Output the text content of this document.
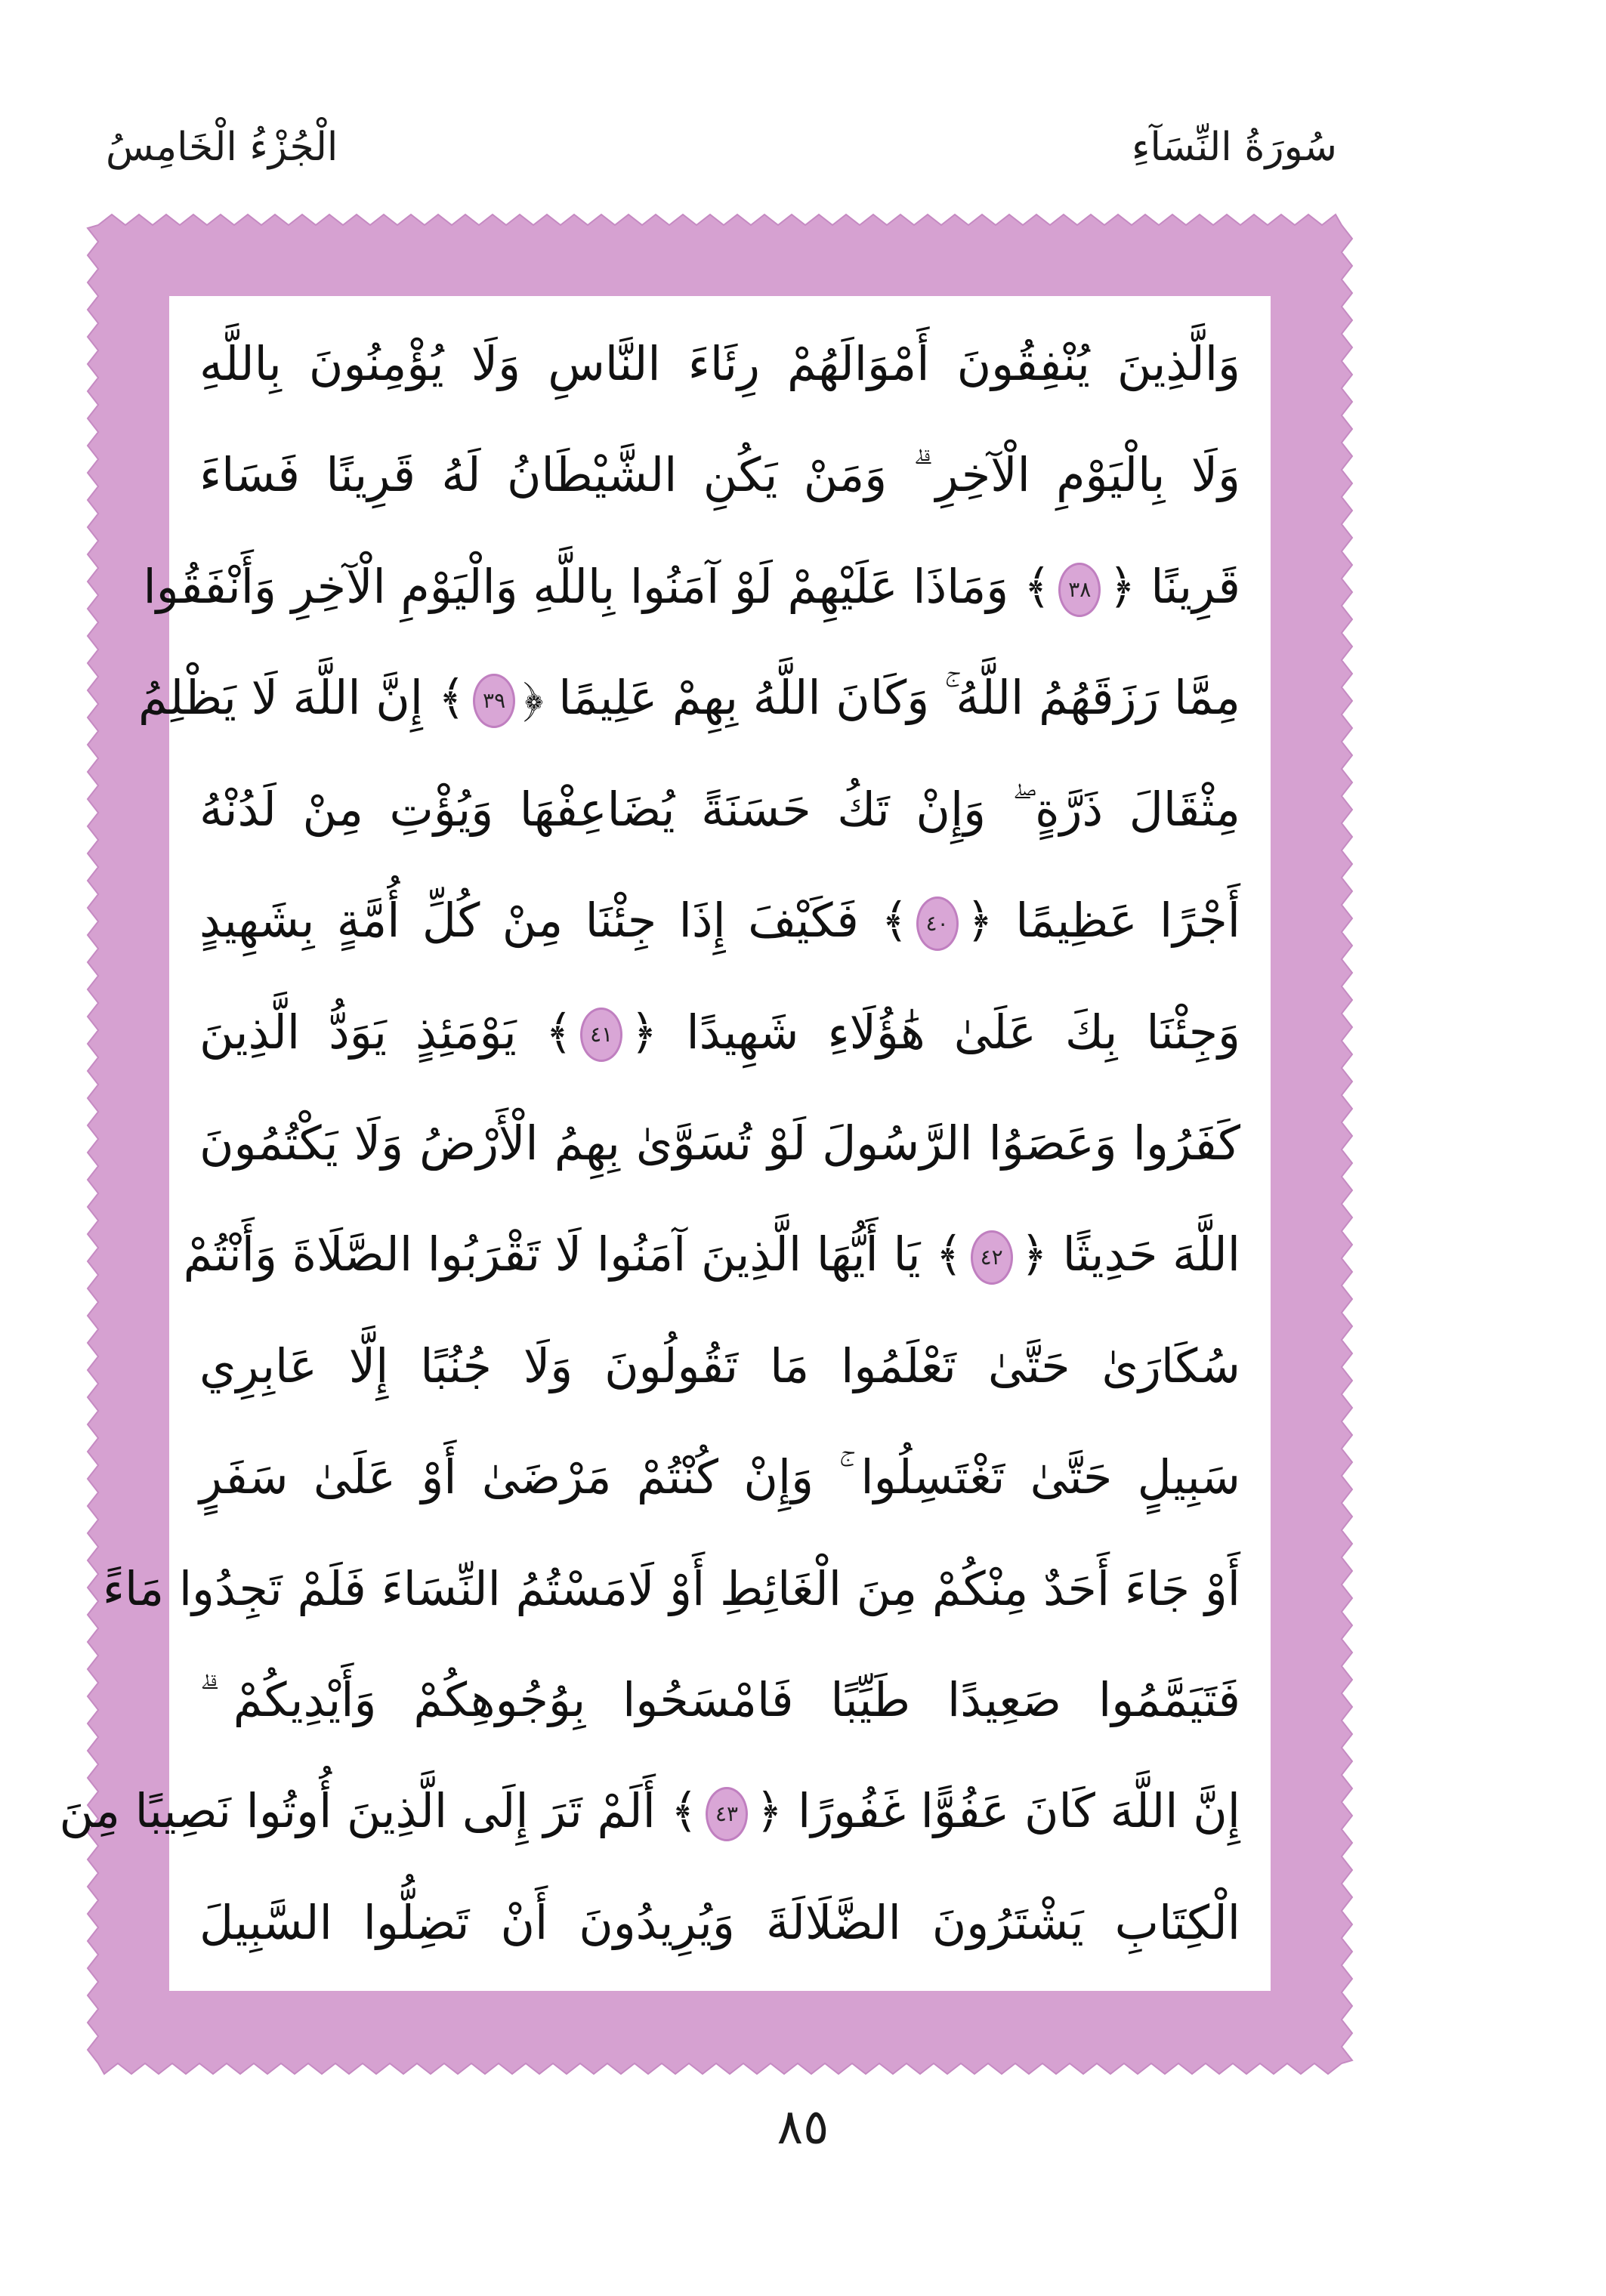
سُورَةُ النِّسَآءِ
الْجُزْءُ الْخَامِسُ
وَالَّذِينَ يُنْفِقُونَ أَمْوَالَهُمْ رِئَاءَ النَّاسِ وَلَا يُؤْمِنُونَ بِاللَّهِ
وَلَا بِالْيَوْمِ الْآخِرِ ۗ وَمَنْ يَكُنِ الشَّيْطَانُ لَهُ قَرِينًا فَسَاءَ
قَرِينًا ﴿
٣٨
﴾ وَمَاذَا عَلَيْهِمْ لَوْ آمَنُوا بِاللَّهِ وَالْيَوْمِ الْآخِرِ وَأَنْفَقُوا
مِمَّا رَزَقَهُمُ اللَّهُ ۚ وَكَانَ اللَّهُ بِهِمْ عَلِيمًا ﴿
٣٩
﴾ إِنَّ اللَّهَ لَا يَظْلِمُ
مِثْقَالَ ذَرَّةٍ ۖ وَإِنْ تَكُ حَسَنَةً يُضَاعِفْهَا وَيُؤْتِ مِنْ لَدُنْهُ
أَجْرًا عَظِيمًا ﴿
٤٠
﴾ فَكَيْفَ إِذَا جِئْنَا مِنْ كُلِّ أُمَّةٍ بِشَهِيدٍ
وَجِئْنَا بِكَ عَلَىٰ هَٰؤُلَاءِ شَهِيدًا ﴿
٤١
﴾ يَوْمَئِذٍ يَوَدُّ الَّذِينَ
كَفَرُوا وَعَصَوُا الرَّسُولَ لَوْ تُسَوَّىٰ بِهِمُ الْأَرْضُ وَلَا يَكْتُمُونَ
اللَّهَ حَدِيثًا ﴿
٤٢
﴾ يَا أَيُّهَا الَّذِينَ آمَنُوا لَا تَقْرَبُوا الصَّلَاةَ وَأَنْتُمْ
سُكَارَىٰ حَتَّىٰ تَعْلَمُوا مَا تَقُولُونَ وَلَا جُنُبًا إِلَّا عَابِرِي
سَبِيلٍ حَتَّىٰ تَغْتَسِلُوا ۚ وَإِنْ كُنْتُمْ مَرْضَىٰ أَوْ عَلَىٰ سَفَرٍ
أَوْ جَاءَ أَحَدٌ مِنْكُمْ مِنَ الْغَائِطِ أَوْ لَامَسْتُمُ النِّسَاءَ فَلَمْ تَجِدُوا مَاءً
فَتَيَمَّمُوا صَعِيدًا طَيِّبًا فَامْسَحُوا بِوُجُوهِكُمْ وَأَيْدِيكُمْ ۗ
إِنَّ اللَّهَ كَانَ عَفُوًّا غَفُورًا ﴿
٤٣
﴾ أَلَمْ تَرَ إِلَى الَّذِينَ أُوتُوا نَصِيبًا مِنَ
الْكِتَابِ يَشْتَرُونَ الضَّلَالَةَ وَيُرِيدُونَ أَنْ تَضِلُّوا السَّبِيلَ
٨٥
